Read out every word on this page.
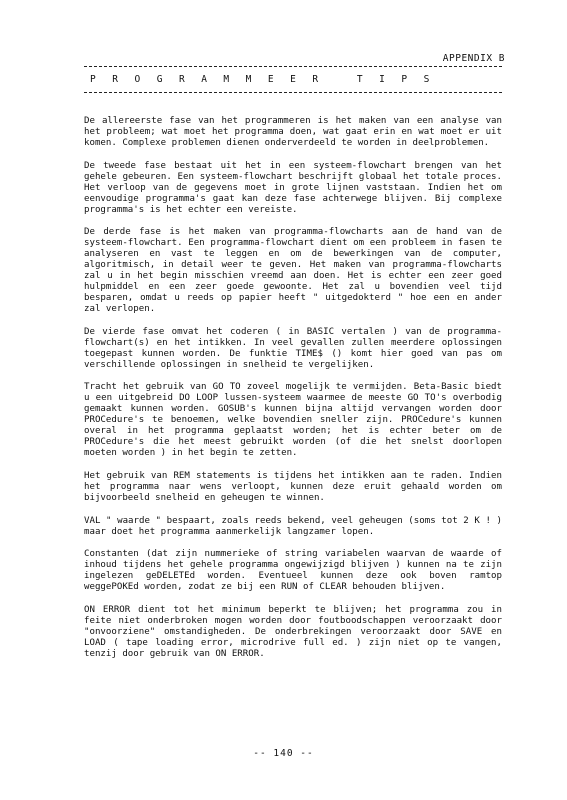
APPENDIX B
P R O G R A M M E E R   T I P S

De allereerste fase van het programmeren is het maken van een analyse van het probleem; wat moet het programma doen, wat gaat erin en wat moet er uit komen. Complexe problemen dienen onderverdeeld te worden in deelproblemen.

De tweede fase bestaat uit het in een systeem-flowchart brengen van het gehele gebeuren. Een systeem-flowchart beschrijft globaal het totale proces. Het verloop van de gegevens moet in grote lijnen vaststaan. Indien het om eenvoudige programma's gaat kan deze fase achterwege blijven. Bij complexe programma's is het echter een vereiste.

De derde fase is het maken van programma-flowcharts aan de hand van de systeem-flowchart. Een programma-flowchart dient om een probleem in fasen te analyseren en vast te leggen en om de bewerkingen van de computer, algoritmisch, in detail weer te geven. Het maken van programma-flowcharts zal u in het begin misschien vreemd aan doen. Het is echter een zeer goed hulpmiddel en een zeer goede gewoonte. Het zal u bovendien veel tijd besparen, omdat u reeds op papier heeft " uitgedokterd " hoe een en ander zal verlopen.

De vierde fase omvat het coderen ( in BASIC vertalen ) van de programma-flowchart(s) en het intikken. In veel gevallen zullen meerdere oplossingen toegepast kunnen worden. De funktie TIME$ () komt hier goed van pas om verschillende oplossingen in snelheid te vergelijken.

Tracht het gebruik van GO TO zoveel mogelijk te vermijden. Beta-Basic biedt u een uitgebreid DO LOOP lussen-systeem waarmee de meeste GO TO's overbodig gemaakt kunnen worden. GOSUB's kunnen bijna altijd vervangen worden door PROCedure's te benoemen, welke bovendien sneller zijn. PROCedure's kunnen overal in het programma geplaatst worden; het is echter beter om de PROCedure's die het meest gebruikt worden (of die het snelst doorlopen moeten worden ) in het begin te zetten.

Het gebruik van REM statements is tijdens het intikken aan te raden. Indien het programma naar wens verloopt, kunnen deze eruit gehaald worden om bijvoorbeeld snelheid en geheugen te winnen.

VAL " waarde " bespaart, zoals reeds bekend, veel geheugen (soms tot 2 K ! ) maar doet het programma aanmerkelijk langzamer lopen.

Constanten (dat zijn nummerieke of string variabelen waarvan de waarde of inhoud tijdens het gehele programma ongewijzigd blijven ) kunnen na te zijn ingelezen geDELETEd worden. Eventueel kunnen deze ook boven ramtop weggePOKEd worden, zodat ze bij een RUN of CLEAR behouden blijven.

ON ERROR dient tot het minimum beperkt te blijven; het programma zou in feite niet onderbroken mogen worden door foutboodschappen veroorzaakt door "onvoorziene" omstandigheden. De onderbrekingen veroorzaakt door SAVE en LOAD ( tape loading error, microdrive full ed. ) zijn niet op te vangen, tenzij door gebruik van ON ERROR.

-- 140 --
